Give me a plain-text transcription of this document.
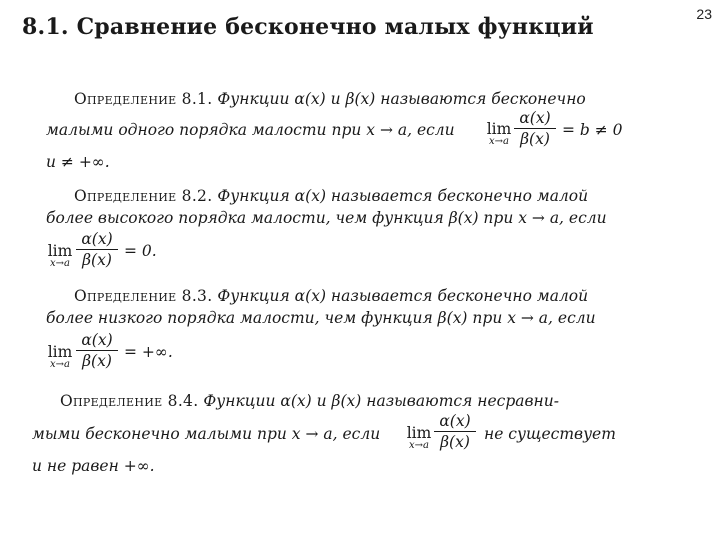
23
8.1. Сравнение бесконечно малых функций
Определение 8.1. Функции α(x) и β(x) называются бесконечно
малыми одного порядка малости при x → a, если lim
x→a
α(x)
β(x) = b ≠ 0
и ≠ +∞.
Определение 8.2. Функция α(x) называется бесконечно малой
более высокого порядка малости, чем функция β(x) при x → a, если
lim
x→a
α(x)
β(x) = 0.
Определение 8.3. Функция α(x) называется бесконечно малой
более низкого порядка малости, чем функция β(x) при x → a, если
lim
x→a
α(x)
β(x) = +∞.
Определение 8.4. Функции α(x) и β(x) называются несравни-
мыми бесконечно малыми при x → a, если lim
x→a
α(x)
β(x) не существует
и не равен +∞.
